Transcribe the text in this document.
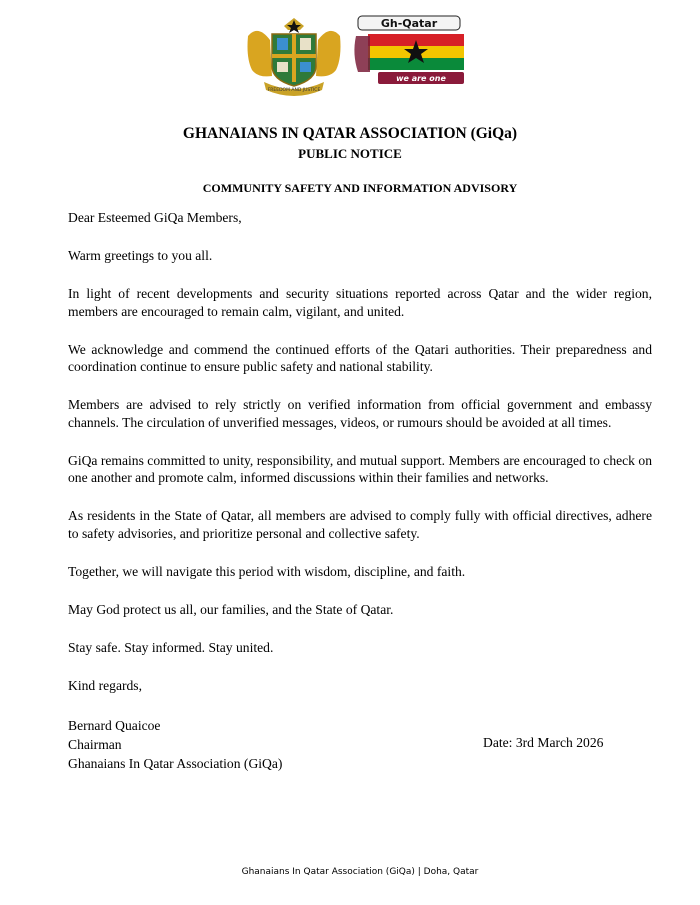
FREEDOM AND JUSTICE
Gh-Qatar
we are one
GHANAIANS IN QATAR ASSOCIATION (GiQa)
PUBLIC NOTICE
COMMUNITY SAFETY AND INFORMATION ADVISORY

Dear Esteemed GiQa Members,

Warm greetings to you all.

In light of recent developments and security situations reported across Qatar and the wider region, members are encouraged to remain calm, vigilant, and united.

We acknowledge and commend the continued efforts of the Qatari authorities. Their preparedness and coordination continue to ensure public safety and national stability.

Members are advised to rely strictly on verified information from official government and embassy channels. The circulation of unverified messages, videos, or rumours should be avoided at all times.

GiQa remains committed to unity, responsibility, and mutual support. Members are encouraged to check on one another and promote calm, informed discussions within their families and networks.

As residents in the State of Qatar, all members are advised to comply fully with official directives, adhere to safety advisories, and prioritize personal and collective safety.

Together, we will navigate this period with wisdom, discipline, and faith.

May God protect us all, our families, and the State of Qatar.

Stay safe. Stay informed. Stay united.

Kind regards,

Bernard Quaicoe
Chairman
Ghanaians In Qatar Association (GiQa)
Date: 3rd March 2026
Ghanaians In Qatar Association (GiQa) | Doha, Qatar
